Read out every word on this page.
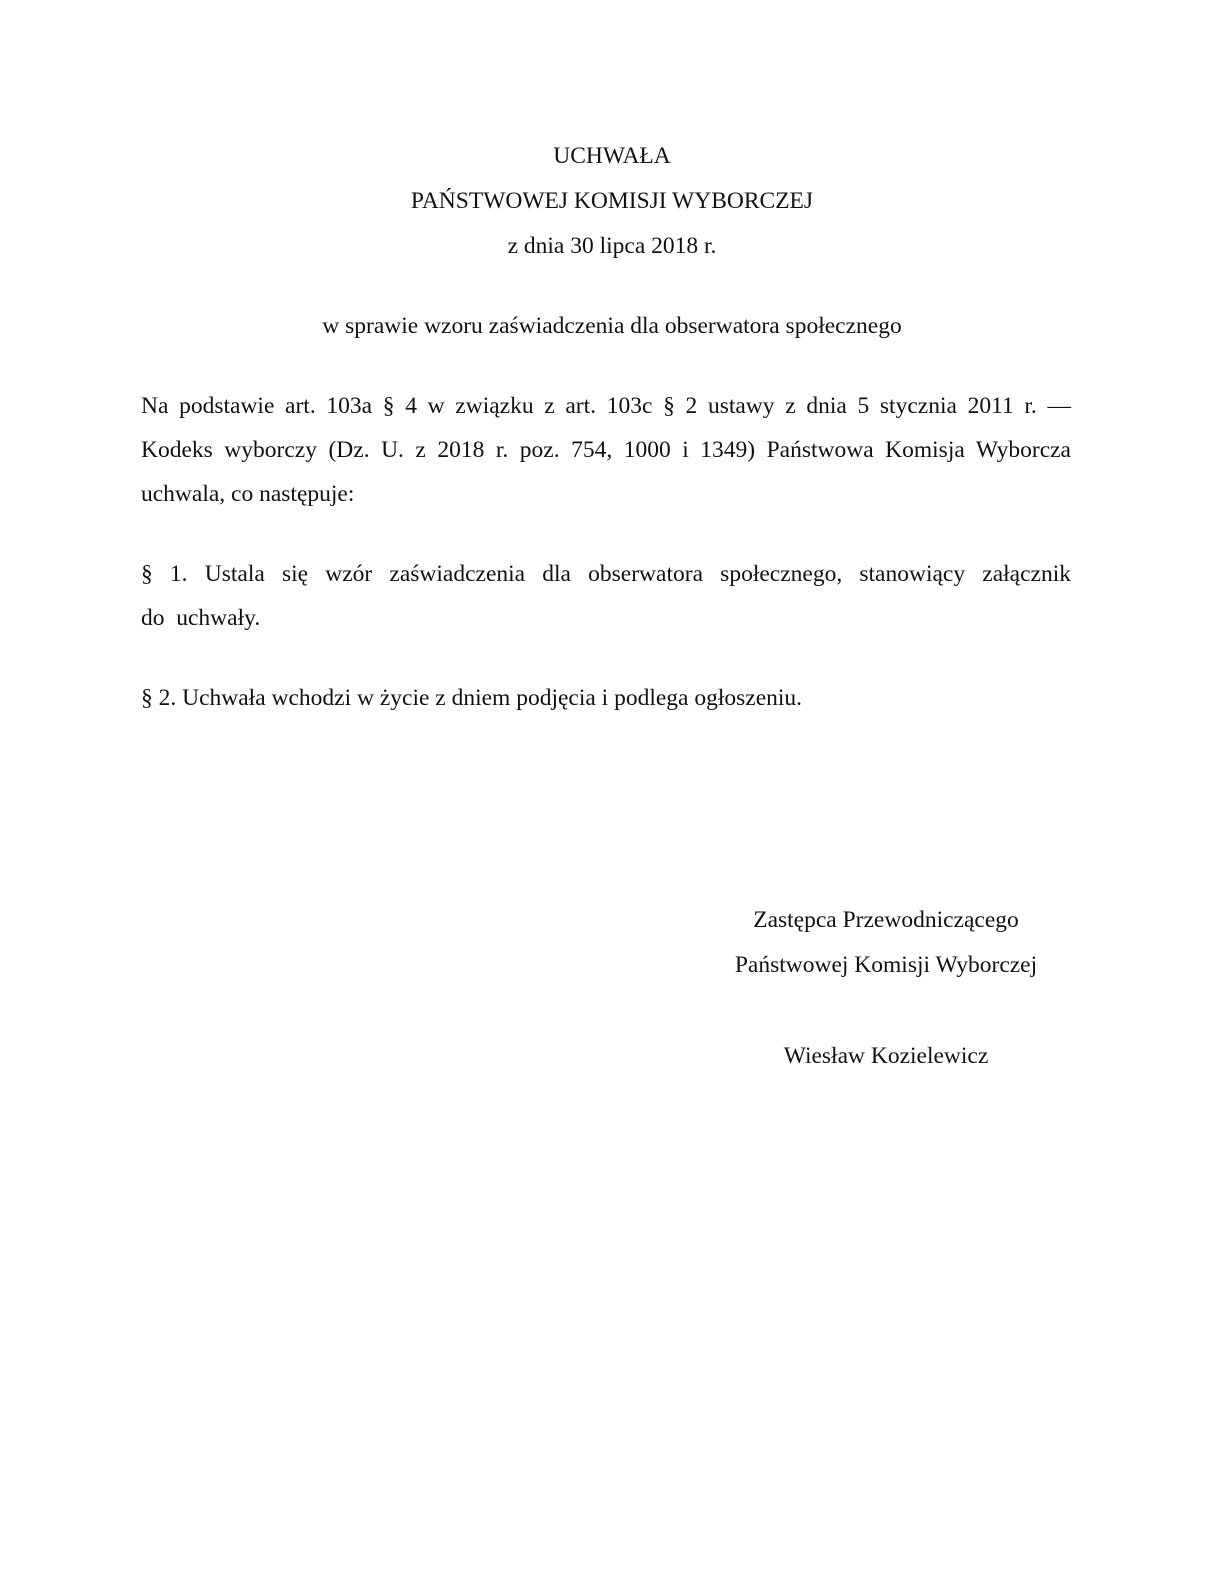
UCHWAŁA
PAŃSTWOWEJ KOMISJI WYBORCZEJ
z dnia 30 lipca 2018 r.
w sprawie wzoru zaświadczenia dla obserwatora społecznego
Na podstawie art. 103a § 4 w związku z art. 103c § 2 ustawy z dnia 5 stycznia 2011 r. —
Kodeks wyborczy (Dz. U. z 2018 r. poz. 754, 1000 i 1349) Państwowa Komisja Wyborcza
uchwala, co następuje:
§ 1. Ustala się wzór zaświadczenia dla obserwatora społecznego, stanowiący załącznik
do  uchwały.
§ 2. Uchwała wchodzi w życie z dniem podjęcia i podlega ogłoszeniu.
Zastępca Przewodniczącego
Państwowej Komisji Wyborczej
Wiesław Kozielewicz
